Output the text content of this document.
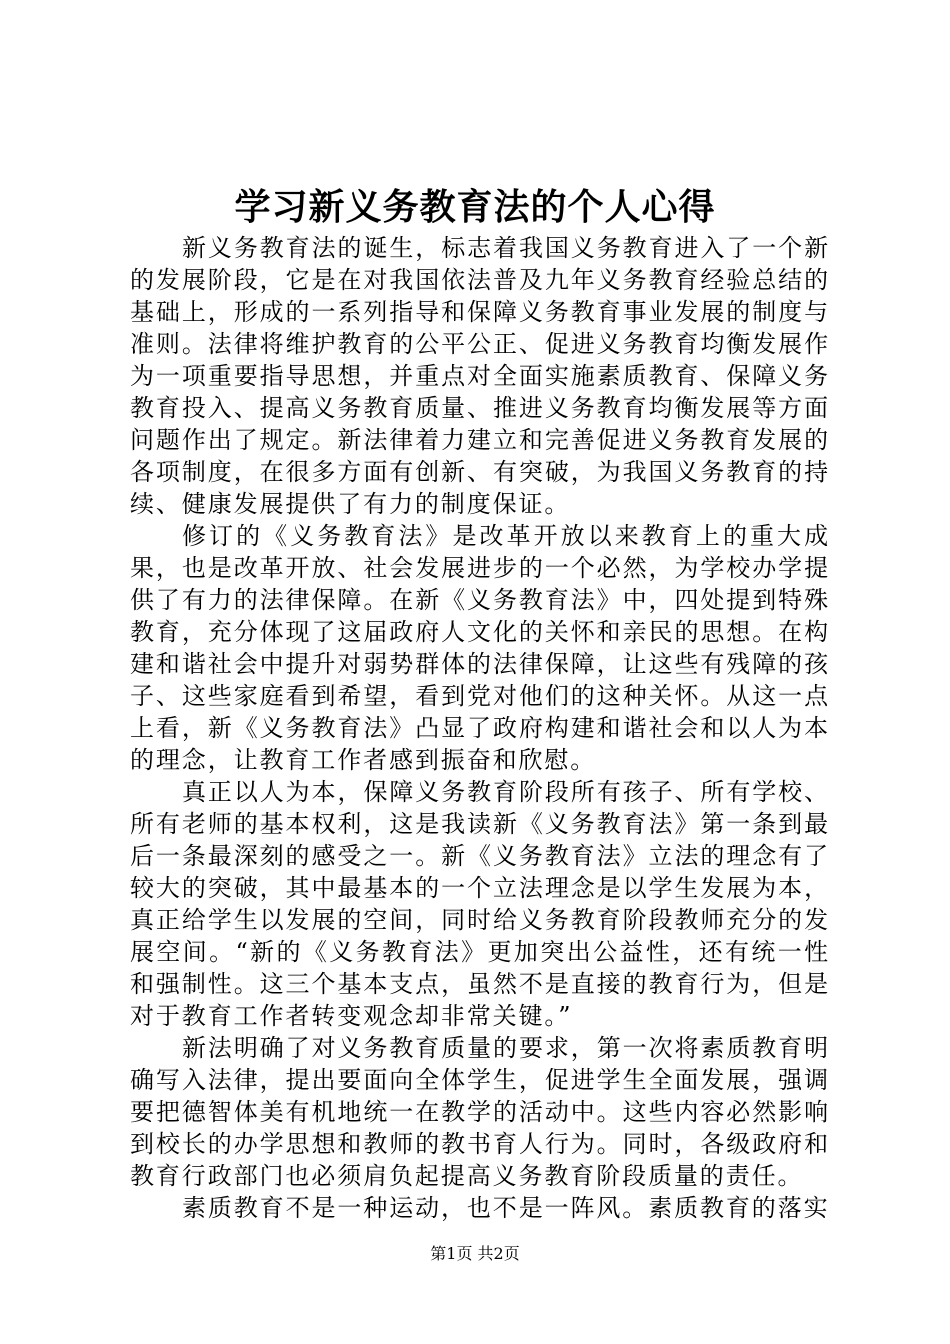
学习新义务教育法的个人心得

新义务教育法的诞生，标志着我国义务教育进入了一个新的发展阶段，它是在对我国依法普及九年义务教育经验总结的基础上，形成的一系列指导和保障义务教育事业发展的制度与准则。法律将维护教育的公平公正、促进义务教育均衡发展作为一项重要指导思想，并重点对全面实施素质教育、保障义务教育投入、提高义务教育质量、推进义务教育均衡发展等方面问题作出了规定。新法律着力建立和完善促进义务教育发展的各项制度，在很多方面有创新、有突破，为我国义务教育的持续、健康发展提供了有力的制度保证。

修订的《义务教育法》是改革开放以来教育上的重大成果，也是改革开放、社会发展进步的一个必然，为学校办学提供了有力的法律保障。在新《义务教育法》中，四处提到特殊教育，充分体现了这届政府人文化的关怀和亲民的思想。在构建和谐社会中提升对弱势群体的法律保障，让这些有残障的孩子、这些家庭看到希望，看到党对他们的这种关怀。从这一点上看，新《义务教育法》凸显了政府构建和谐社会和以人为本的理念，让教育工作者感到振奋和欣慰。

真正以人为本，保障义务教育阶段所有孩子、所有学校、所有老师的基本权利，这是我读新《义务教育法》第一条到最后一条最深刻的感受之一。新《义务教育法》立法的理念有了较大的突破，其中最基本的一个立法理念是以学生发展为本，真正给学生以发展的空间，同时给义务教育阶段教师充分的发展空间。“新的《义务教育法》更加突出公益性，还有统一性和强制性。这三个基本支点，虽然不是直接的教育行为，但是对于教育工作者转变观念却非常关键。”

新法明确了对义务教育质量的要求，第一次将素质教育明确写入法律，提出要面向全体学生，促进学生全面发展，强调要把德智体美有机地统一在教学的活动中。这些内容必然影响到校长的办学思想和教师的教书育人行为。同时，各级政府和教育行政部门也必须肩负起提高义务教育阶段质量的责任。

素质教育不是一种运动，也不是一阵风。素质教育的落实

第1页 共2页
